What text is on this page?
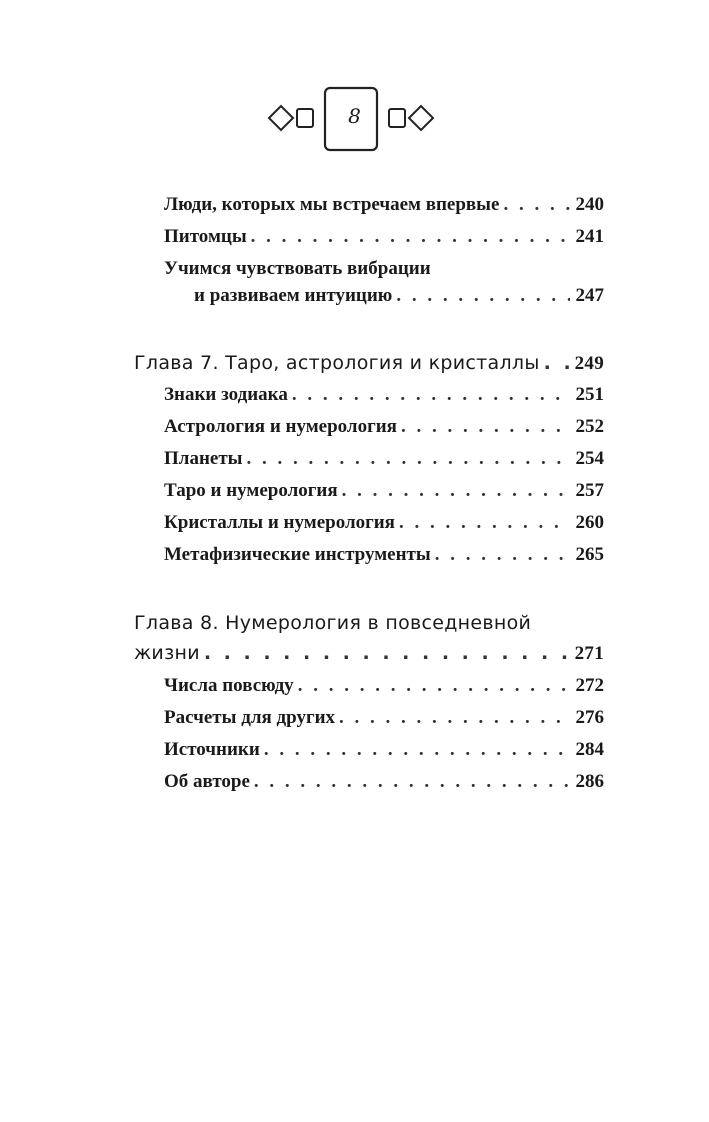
8
Люди, которых мы встречаем впервые . . .	240
Питомцы . . .	241
Учимся чувствовать вибрации
и развиваем интуицию . . .	247
Глава 7. Таро, астрология и кристаллы . . . 249
Знаки зодиака . . .	251
Астрология и нумерология . . .	252
Планеты . . .	254
Таро и нумерология . . .	257
Кристаллы и нумерология . . .	260
Метафизические инструменты . . .	265
Глава 8. Нумерология в повседневной
жизни . . .	271
Числа повсюду . . .	272
Расчеты для других . . .	276
Источники . . .	284
Об авторе . . .	286
